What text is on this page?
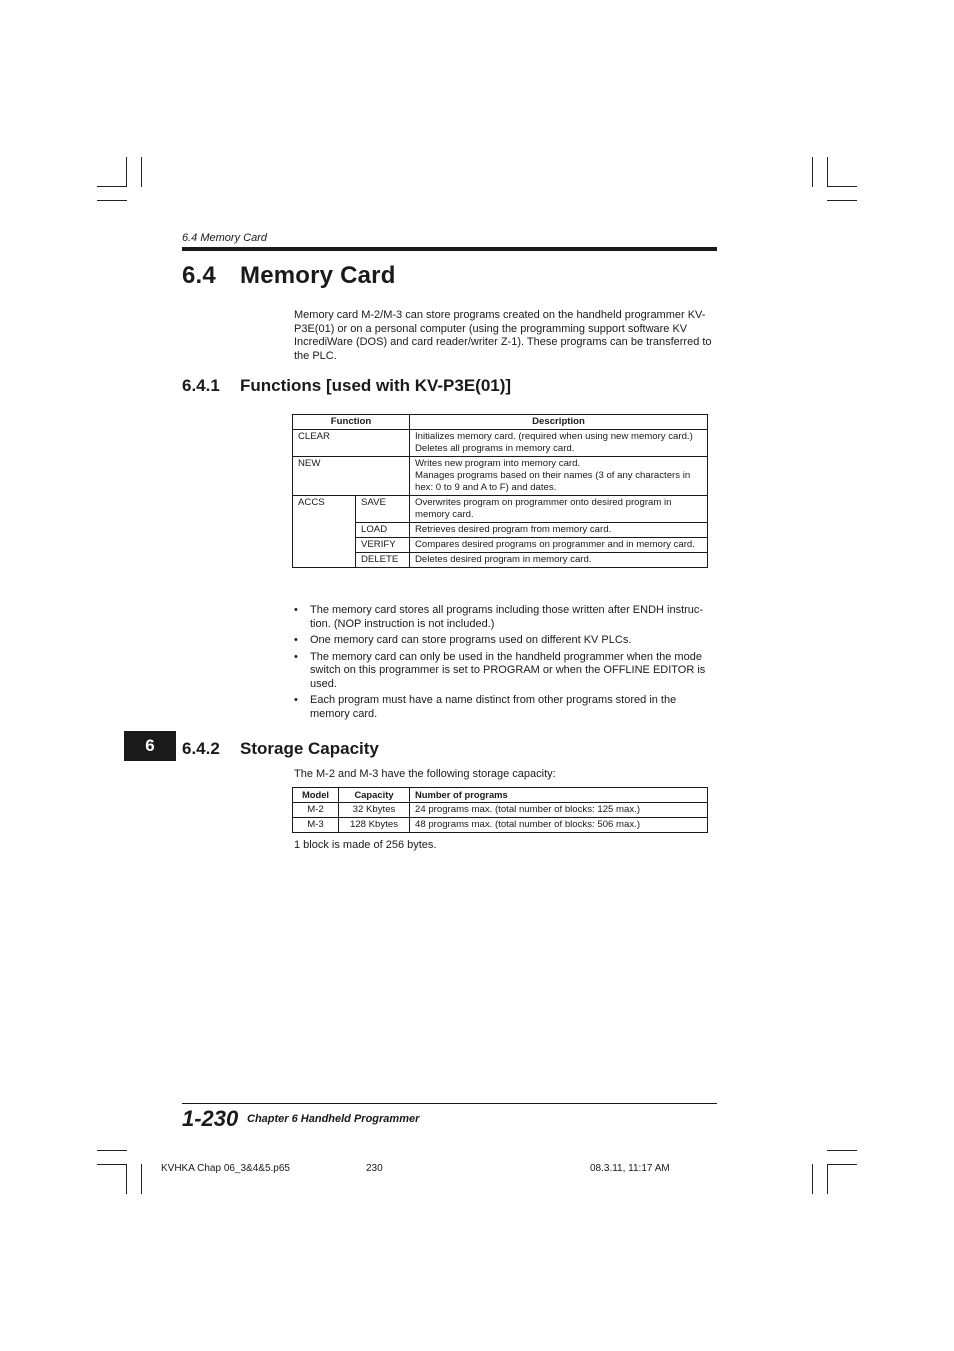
6.4 Memory Card
6.4 Memory Card
Memory card M-2/M-3 can store programs created on the handheld programmer KV-P3E(01) or on a personal computer (using the programming support software KV IncrediWare (DOS) and card reader/writer Z-1). These programs can be transferred to the PLC.
6.4.1 Functions [used with KV-P3E(01)]
Function		Description
CLEAR		Initializes memory card. (required when using new memory card.)
Deletes all programs in memory card.

NEW		Writes new program into memory card.
Manages programs based on their names (3 of any characters in hex: 0 to 9 and A to F) and dates.

ACCS	SAVE	Overwrites program on programmer onto desired program in memory card.
	LOAD	Retrieves desired program from memory card.
	VERIFY	Compares desired programs on programmer and in memory card.
	DELETE	Deletes desired program in memory card.
• The memory card stores all programs including those written after ENDH instruc-tion. (NOP instruction is not included.)
• One memory card can store programs used on different KV PLCs.
• The memory card can only be used in the handheld programmer when the mode switch on this programmer is set to PROGRAM or when the OFFLINE EDITOR is used.
• Each program must have a name distinct from other programs stored in the memory card.
6	6.4.2 Storage Capacity
The M-2 and M-3 have the following storage capacity:
Model	Capacity	Number of programs
M-2	32 Kbytes	24 programs max. (total number of blocks: 125 max.)
M-3	128 Kbytes	48 programs max. (total number of blocks: 506 max.)
1 block is made of 256 bytes.
1-230 Chapter 6 Handheld Programmer
KVHKA Chap 06_3&4&5.p65	230	08.3.11, 11:17 AM
